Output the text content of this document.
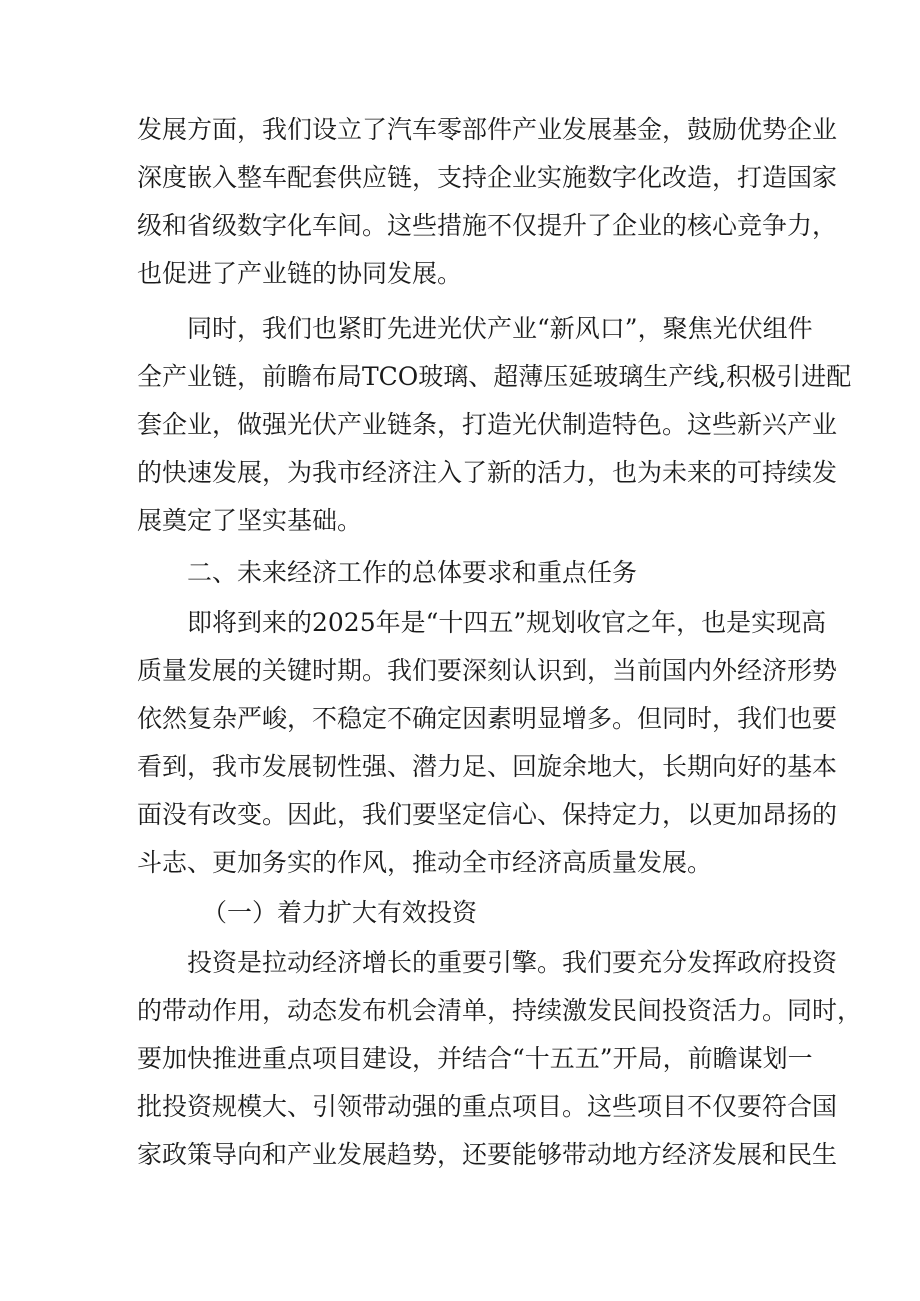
发展方面，我们设立了汽车零部件产业发展基金，鼓励优势企业
深度嵌入整车配套供应链，支持企业实施数字化改造，打造国家
级和省级数字化车间。这些措施不仅提升了企业的核心竞争力，
也促进了产业链的协同发展。
同时，我们也紧盯先进光伏产业“新风口”，聚焦光伏组件
全产业链，前瞻布局TCO玻璃、超薄压延玻璃生产线,积极引进配
套企业，做强光伏产业链条，打造光伏制造特色。这些新兴产业
的快速发展，为我市经济注入了新的活力，也为未来的可持续发
展奠定了坚实基础。
二、未来经济工作的总体要求和重点任务
即将到来的2025年是“十四五”规划收官之年，也是实现高
质量发展的关键时期。我们要深刻认识到，当前国内外经济形势
依然复杂严峻，不稳定不确定因素明显增多。但同时，我们也要
看到，我市发展韧性强、潜力足、回旋余地大，长期向好的基本
面没有改变。因此，我们要坚定信心、保持定力，以更加昂扬的
斗志、更加务实的作风，推动全市经济高质量发展。
（一）着力扩大有效投资
投资是拉动经济增长的重要引擎。我们要充分发挥政府投资
的带动作用，动态发布机会清单，持续激发民间投资活力。同时，
要加快推进重点项目建设，并结合“十五五”开局，前瞻谋划一
批投资规模大、引领带动强的重点项目。这些项目不仅要符合国
家政策导向和产业发展趋势，还要能够带动地方经济发展和民生
